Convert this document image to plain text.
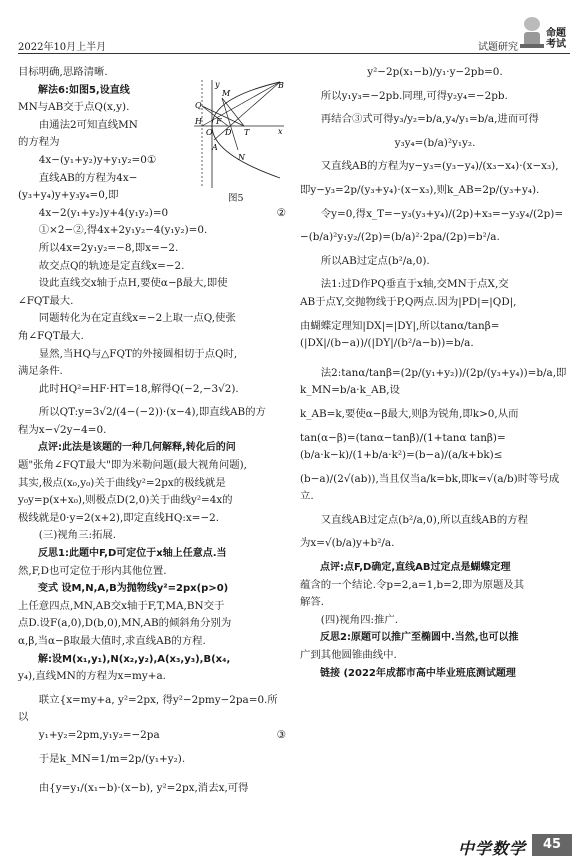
2022年10月上半月	试题研究
命题
考试
B
Q
H
O D
F
T
M
N
A
y
x
图5

目标明确,思路清晰.

解法6:如图5,设直线

MN与AB交于点Q(x,y).

由通法2可知直线MN

的方程为

4x−(y₁+y₂)y+y₁y₂=0①

直线AB的方程为4x−

(y₃+y₄)y+y₃y₄=0,即

4x−2(y₁+y₂)y+4(y₁y₂)=0	②

①×2−②,得4x+2y₁y₂−4(y₁y₂)=0.

所以4x=2y₁y₂=−8,即x=−2.

故交点Q的轨迹是定直线x=−2.

设此直线交x轴于点H,要使α−β最大,即使

∠FQT最大.

同题转化为在定直线x=−2上取一点Q,使张

角∠FQT最大.

显然,当HQ与△FQT的外接圆相切于点Q时,

满足条件.

此时HQ²=HF·HT=18,解得Q(−2,−3√2).

所以QT:y=3√2/(4−(−2))·(x−4),即直线AB的方

程为x−√2y−4=0.

点评:此法是该题的一种几何解释,转化后的问

题"张角∠FQT最大"即为米勒问题(最大视角问题),

其实,极点(x₀,y₀)关于曲线y²=2px的极线就是

y₀y=p(x+x₀),则极点D(2,0)关于曲线y²=4x的

极线就是0·y=2(x+2),即定直线HQ:x=−2.

(三)视角三:拓展.

反思1:此题中F,D可定位于x轴上任意点.当

然,F,D也可定位于形内其他位置.

变式 设M,N,A,B为抛物线y²=2px(p>0)

上任意四点,MN,AB交x轴于F,T,MA,BN交于

点D.设F(a,0),D(b,0),MN,AB的倾斜角分别为

α,β,当α−β取最大值时,求直线AB的方程.

解:设M(x₁,y₁),N(x₂,y₂),A(x₃,y₃),B(x₄,

y₄),直线MN的方程为x=my+a.

联立{x=my+a, y²=2px, 得y²−2pmy−2pa=0.所以

y₁+y₂=2pm,y₁y₂=−2pa	③

于是k_MN=1/m=2p/(y₁+y₂).

由{y=y₁/(x₁−b)·(x−b), y²=2px,消去x,可得

y²−2p(x₁−b)/y₁·y−2pb=0.

所以y₁y₃=−2pb.同理,可得y₂y₄=−2pb.

再结合③式可得y₃/y₂=b/a,y₄/y₁=b/a,进而可得

y₃y₄=(b/a)²y₁y₂.

又直线AB的方程为y−y₃=(y₃−y₄)/(x₃−x₄)·(x−x₃),

即y−y₃=2p/(y₃+y₄)·(x−x₃),则k_AB=2p/(y₃+y₄).

令y=0,得x_T=−y₃(y₃+y₄)/(2p)+x₃=−y₃y₄/(2p)=

−(b/a)²y₁y₂/(2p)=(b/a)²·2pa/(2p)=b²/a.

所以AB过定点(b²/a,0).

法1:过D作PQ垂直于x轴,交MN于点X,交

AB于点Y,交抛物线于P,Q两点.因为|PD|=|QD|,

由蝴蝶定理知|DX|=|DY|,所以tanα/tanβ=(|DX|/(b−a))/(|DY|/(b²/a−b))=b/a.

法2:tanα/tanβ=(2p/(y₁+y₂))/(2p/(y₃+y₄))=b/a,即k_MN=b/a·k_AB,设

k_AB=k,要使α−β最大,则β为锐角,即k>0,从而

tan(α−β)=(tanα−tanβ)/(1+tanα tanβ)=(b/a·k−k)/(1+b/a·k²)=(b−a)/(a/k+bk)≤

(b−a)/(2√(ab)),当且仅当a/k=bk,即k=√(a/b)时等号成立.

又直线AB过定点(b²/a,0),所以直线AB的方程

为x=√(b/a)y+b²/a.

点评:点F,D确定,直线AB过定点是蝴蝶定理

蕴含的一个结论.令p=2,a=1,b=2,即为原题及其

解答.

(四)视角四:推广.

反思2:原题可以推广至椭圆中.当然,也可以推

广到其他圆锥曲线中.

链接 (2022年成都市高中毕业班底测试题理

中学数学	45
